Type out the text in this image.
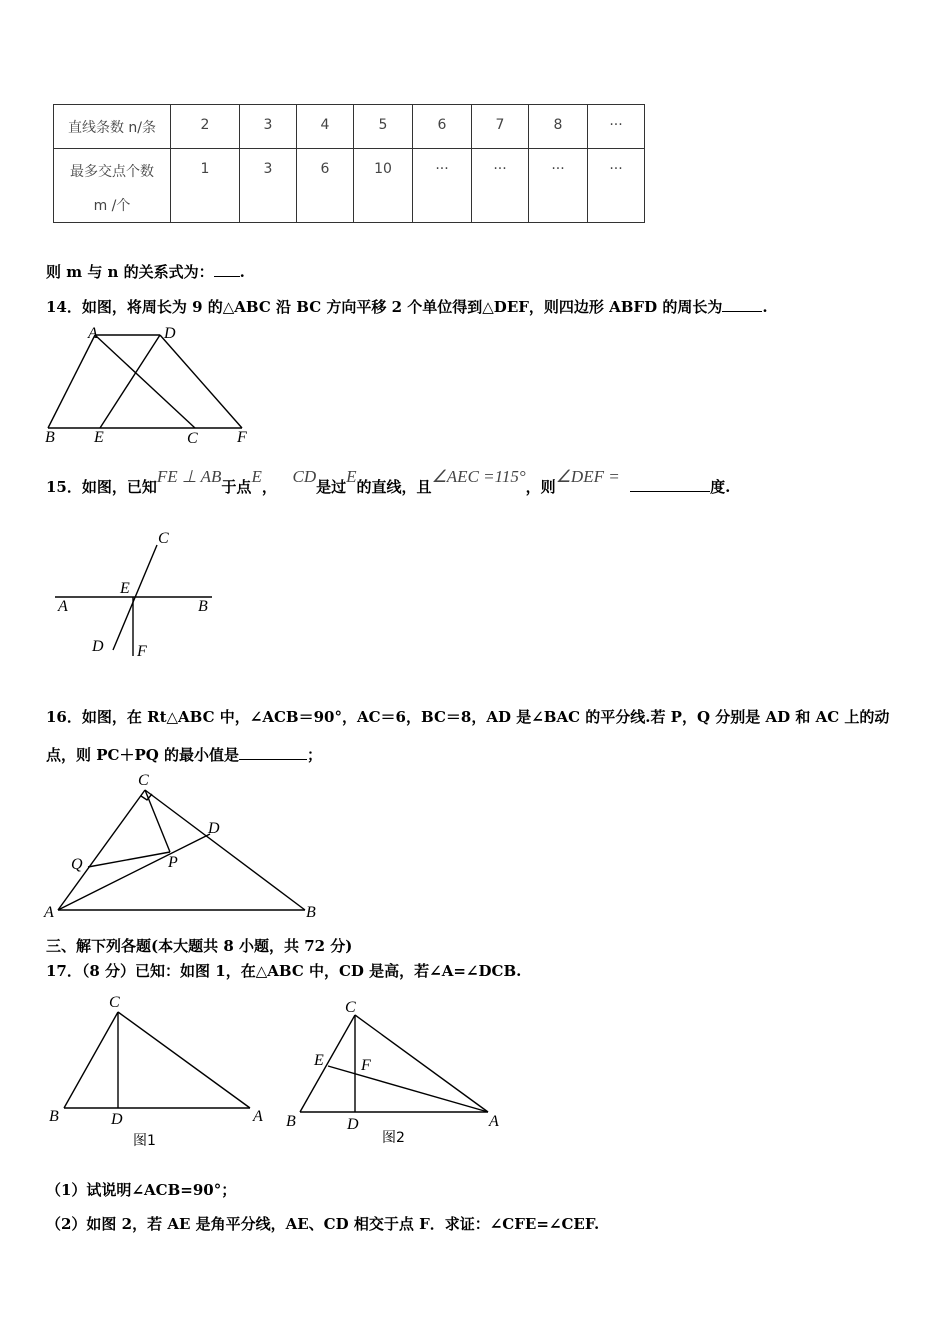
直线条数 n/条	2	3	4	5	6	7	8	···

最多交点个数
m /个	1	3	6	10	···	···	···	···
则 m 与 n 的关系式为： .
14．如图，将周长为 9 的△ABC 沿 BC 方向平移 2 个单位得到△DEF，则四边形 ABFD 的周长为	.
15．如图，已知FE ⊥ AB于点E，   CD是过E的直线，且∠AEC =115°，则∠DEF =  度.
16．如图，在 Rt△ABC 中，∠ACB＝90°，AC＝6，BC＝8，AD 是∠BAC 的平分线.若 P，Q 分别是 AD 和 AC 上的动
点，则 PC＋PQ 的最小值是	；
三、解下列各题(本大题共 8 小题，共 72 分)
17．（8 分）已知：如图 1，在△ABC 中，CD 是高，若∠A=∠DCB.
（1）试说明∠ACB=90°；
（2）如图 2，若 AE 是角平分线，AE、CD 相交于点 F．求证：∠CFE=∠CEF.
A	D
B E	C F
C
E
A	B
D F
C
D
Q	P
A	B
C
B	D	A
图1
C
E F
B	D	A
图2
